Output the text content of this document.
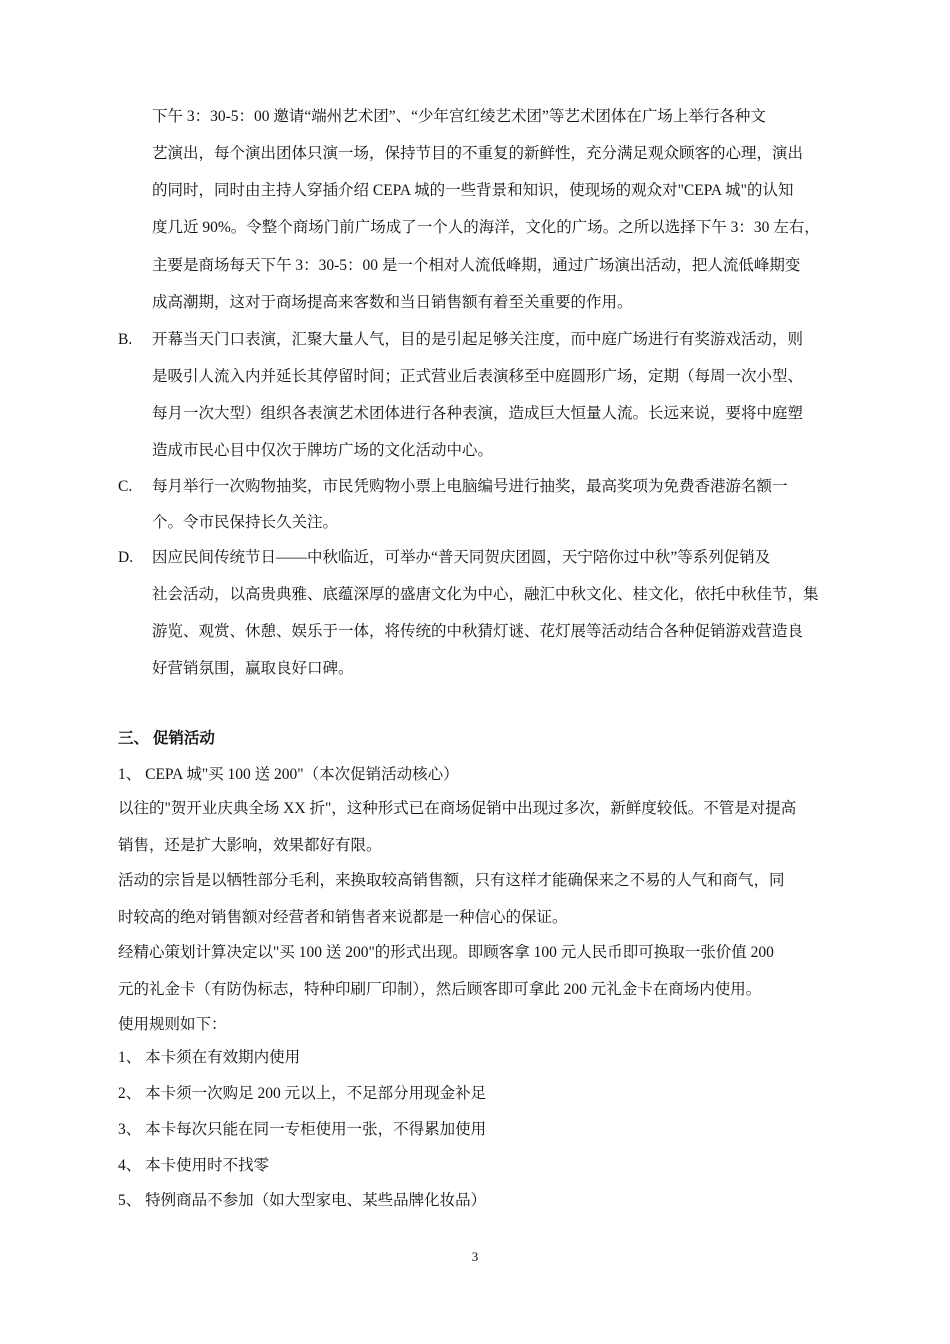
下午 3：30-5：00 邀请“端州艺术团”、“少年宫红绫艺术团”等艺术团体在广场上举行各种文
艺演出，每个演出团体只演一场，保持节目的不重复的新鲜性，充分满足观众顾客的心理，演出
的同时，同时由主持人穿插介绍 CEPA 城的一些背景和知识，使现场的观众对"CEPA 城"的认知
度几近 90%。令整个商场门前广场成了一个人的海洋，文化的广场。之所以选择下午 3：30 左右，
主要是商场每天下午 3：30-5：00 是一个相对人流低峰期，通过广场演出活动，把人流低峰期变
成高潮期，这对于商场提高来客数和当日销售额有着至关重要的作用。
B. 开幕当天门口表演，汇聚大量人气，目的是引起足够关注度，而中庭广场进行有奖游戏活动，则
是吸引人流入内并延长其停留时间；正式营业后表演移至中庭圆形广场，定期（每周一次小型、
每月一次大型）组织各表演艺术团体进行各种表演，造成巨大恒量人流。长远来说，要将中庭塑
造成市民心目中仅次于牌坊广场的文化活动中心。
C. 每月举行一次购物抽奖，市民凭购物小票上电脑编号进行抽奖，最高奖项为免费香港游名额一
个。令市民保持长久关注。
D. 因应民间传统节日——中秋临近，可举办“普天同贺庆团圆，天宁陪你过中秋”等系列促销及
社会活动，以高贵典雅、底蕴深厚的盛唐文化为中心，融汇中秋文化、桂文化，依托中秋佳节，集
游览、观赏、休憩、娱乐于一体，将传统的中秋猜灯谜、花灯展等活动结合各种促销游戏营造良
好营销氛围，赢取良好口碑。
三、 促销活动
1、 CEPA 城"买 100 送 200"（本次促销活动核心）
以往的"贺开业庆典全场 XX 折"，这种形式已在商场促销中出现过多次，新鲜度较低。不管是对提高
销售，还是扩大影响，效果都好有限。
活动的宗旨是以牺牲部分毛利，来换取较高销售额，只有这样才能确保来之不易的人气和商气，同
时较高的绝对销售额对经营者和销售者来说都是一种信心的保证。
经精心策划计算决定以"买 100 送 200"的形式出现。即顾客拿 100 元人民币即可换取一张价值 200
元的礼金卡（有防伪标志，特种印刷厂印制），然后顾客即可拿此 200 元礼金卡在商场内使用。
使用规则如下：
1、 本卡须在有效期内使用
2、 本卡须一次购足 200 元以上，不足部分用现金补足
3、 本卡每次只能在同一专柜使用一张，不得累加使用
4、 本卡使用时不找零
5、 特例商品不参加（如大型家电、某些品牌化妆品）
3
